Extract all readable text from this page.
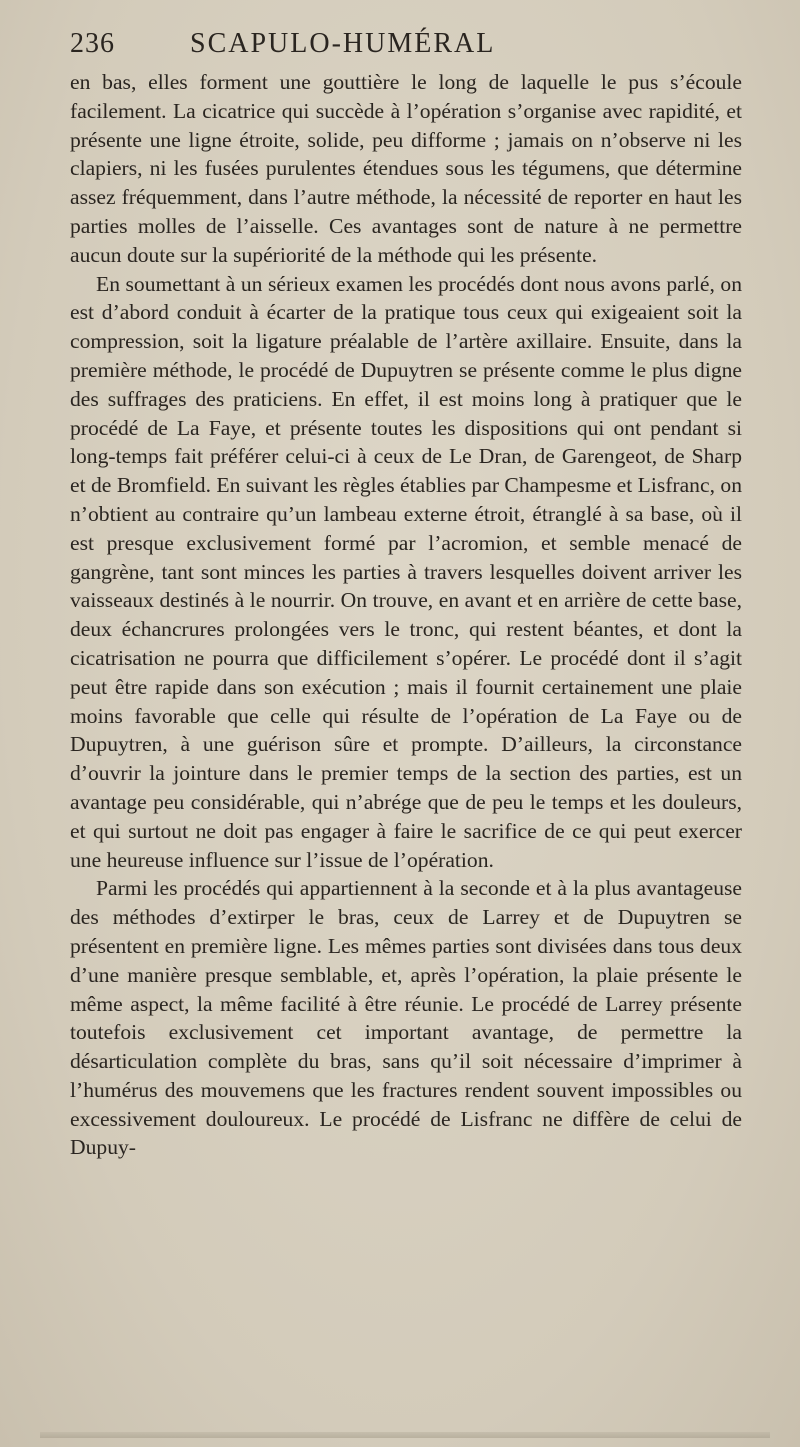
236	SCAPULO-HUMÉRAL

en bas, elles forment une gouttière le long de laquelle le pus s’écoule facilement. La cicatrice qui succède à l’opération s’organise avec rapidité, et présente une ligne étroite, solide, peu difforme ; jamais on n’observe ni les clapiers, ni les fusées purulentes étendues sous les tégumens, que détermine assez fréquemment, dans l’autre méthode, la nécessité de reporter en haut les parties molles de l’aisselle. Ces avantages sont de nature à ne permettre aucun doute sur la supériorité de la méthode qui les présente.

En soumettant à un sérieux examen les procédés dont nous avons parlé, on est d’abord conduit à écarter de la pratique tous ceux qui exigeaient soit la compression, soit la ligature préalable de l’artère axillaire. Ensuite, dans la première méthode, le procédé de Dupuytren se présente comme le plus digne des suffrages des praticiens. En effet, il est moins long à pratiquer que le procédé de La Faye, et présente toutes les dispositions qui ont pendant si long-temps fait préférer celui-ci à ceux de Le Dran, de Garengeot, de Sharp et de Bromfield. En suivant les règles établies par Champesme et Lisfranc, on n’obtient au contraire qu’un lambeau externe étroit, étranglé à sa base, où il est presque exclusivement formé par l’acromion, et semble menacé de gangrène, tant sont minces les parties à travers lesquelles doivent arriver les vaisseaux destinés à le nourrir. On trouve, en avant et en arrière de cette base, deux échancrures prolongées vers le tronc, qui restent béantes, et dont la cicatrisation ne pourra que difficilement s’opérer. Le procédé dont il s’agit peut être rapide dans son exécution ; mais il fournit certainement une plaie moins favorable que celle qui résulte de l’opération de La Faye ou de Dupuytren, à une guérison sûre et prompte. D’ailleurs, la circonstance d’ouvrir la jointure dans le premier temps de la section des parties, est un avantage peu considérable, qui n’abrége que de peu le temps et les douleurs, et qui surtout ne doit pas engager à faire le sacrifice de ce qui peut exercer une heureuse influence sur l’issue de l’opération.

Parmi les procédés qui appartiennent à la seconde et à la plus avantageuse des méthodes d’extirper le bras, ceux de Larrey et de Dupuytren se présentent en première ligne. Les mêmes parties sont divisées dans tous deux d’une manière presque semblable, et, après l’opération, la plaie présente le même aspect, la même facilité à être réunie. Le procédé de Larrey présente toutefois exclusivement cet important avantage, de permettre la désarticulation complète du bras, sans qu’il soit nécessaire d’imprimer à l’humérus des mouvemens que les fractures rendent souvent impossibles ou excessivement douloureux. Le procédé de Lisfranc ne diffère de celui de Dupuy-
